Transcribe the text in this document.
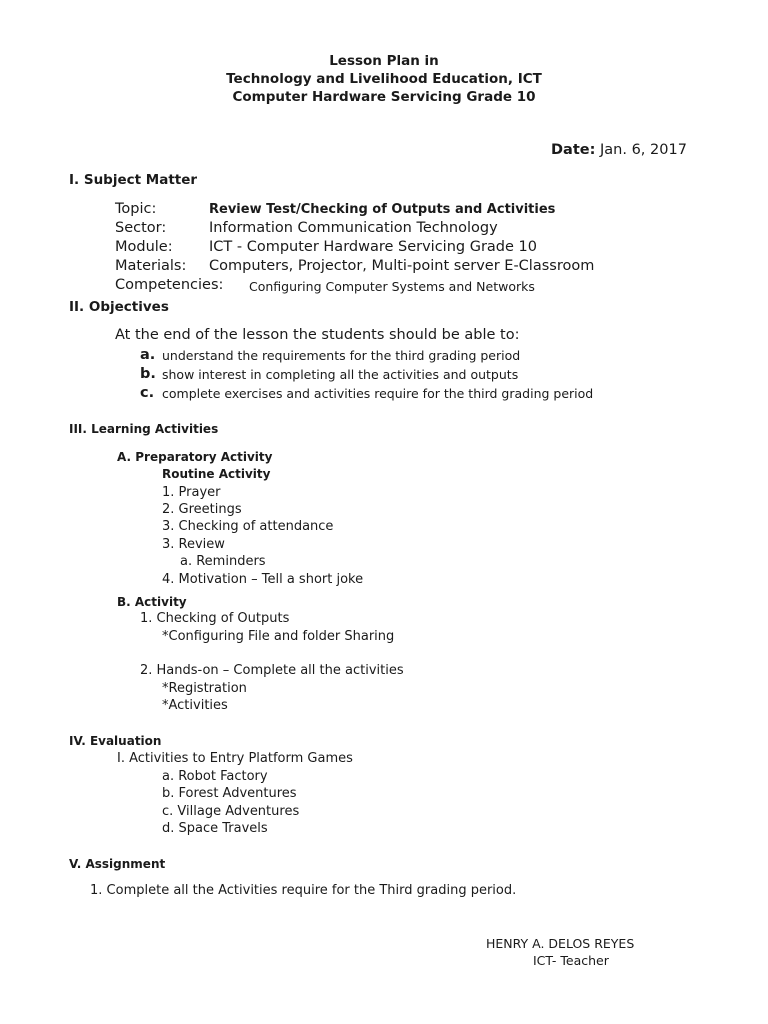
Lesson Plan in
Technology and Livelihood Education, ICT
Computer Hardware Servicing Grade 10
Date: Jan. 6, 2017
I. Subject Matter
Topic:	Review Test/Checking of Outputs and Activities
Sector:	Information Communication Technology
Module:	ICT - Computer Hardware Servicing Grade 10
Materials: Computers, Projector, Multi-point server E-Classroom
Competencies: Configuring Computer Systems and Networks
II. Objectives
At the end of the lesson the students should be able to:
a. understand the requirements for the third grading period
b. show interest in completing all the activities and outputs
c. complete exercises and activities require for the third grading period
III. Learning Activities
A. Preparatory Activity
Routine Activity
1. Prayer
2. Greetings
3. Checking of attendance
3. Review
a. Reminders
4. Motivation – Tell a short joke
B. Activity
1. Checking of Outputs
*Configuring File and folder Sharing
2. Hands-on – Complete all the activities
*Registration
*Activities
IV. Evaluation
I. Activities to Entry Platform Games
a. Robot Factory
b. Forest Adventures
c. Village Adventures
d. Space Travels
V. Assignment
1. Complete all the Activities require for the Third grading period.
HENRY A. DELOS REYES
ICT- Teacher
